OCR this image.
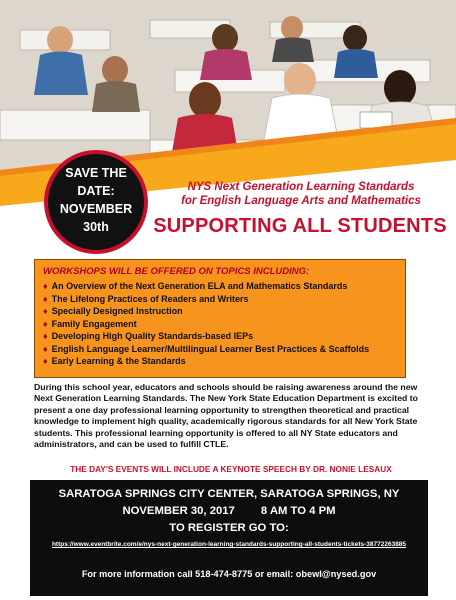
SAVE THE
DATE:
NOVEMBER
30th
NYS Next Generation Learning Standards
for English Language Arts and Mathematics
SUPPORTING ALL STUDENTS
WORKSHOPS WILL BE OFFERED ON TOPICS INCLUDING:
♦ An Overview of the Next Generation ELA and Mathematics Standards
♦ The Lifelong Practices of Readers and Writers
♦ Specially Designed Instruction
♦ Family Engagement
♦ Developing High Quality Standards-based IEPs
♦ English Language Learner/Multilingual Learner Best Practices & Scaffolds
♦ Early Learning & the Standards

During this school year, educators and schools should be raising awareness around the new Next Generation Learning Standards. The New York State Education Department is excited to present a one day professional learning opportunity to strengthen theoretical and practical knowledge to implement high quality, academically rigorous standards for all New York State students. This professional learning opportunity is offered to all NY State educators and administrators, and can be used to fulfill CTLE.

THE DAY'S EVENTS WILL INCLUDE A KEYNOTE SPEECH BY DR. NONIE LESAUX
SARATOGA SPRINGS CITY CENTER, SARATOGA SPRINGS, NY
NOVEMBER 30, 2017 8 AM TO 4 PM
TO REGISTER GO TO:
https://www.eventbrite.com/e/nys-next-generation-learning-standards-supporting-all-students-tickets-38772263885
For more information call 518-474-8775 or email: obewl@nysed.gov
